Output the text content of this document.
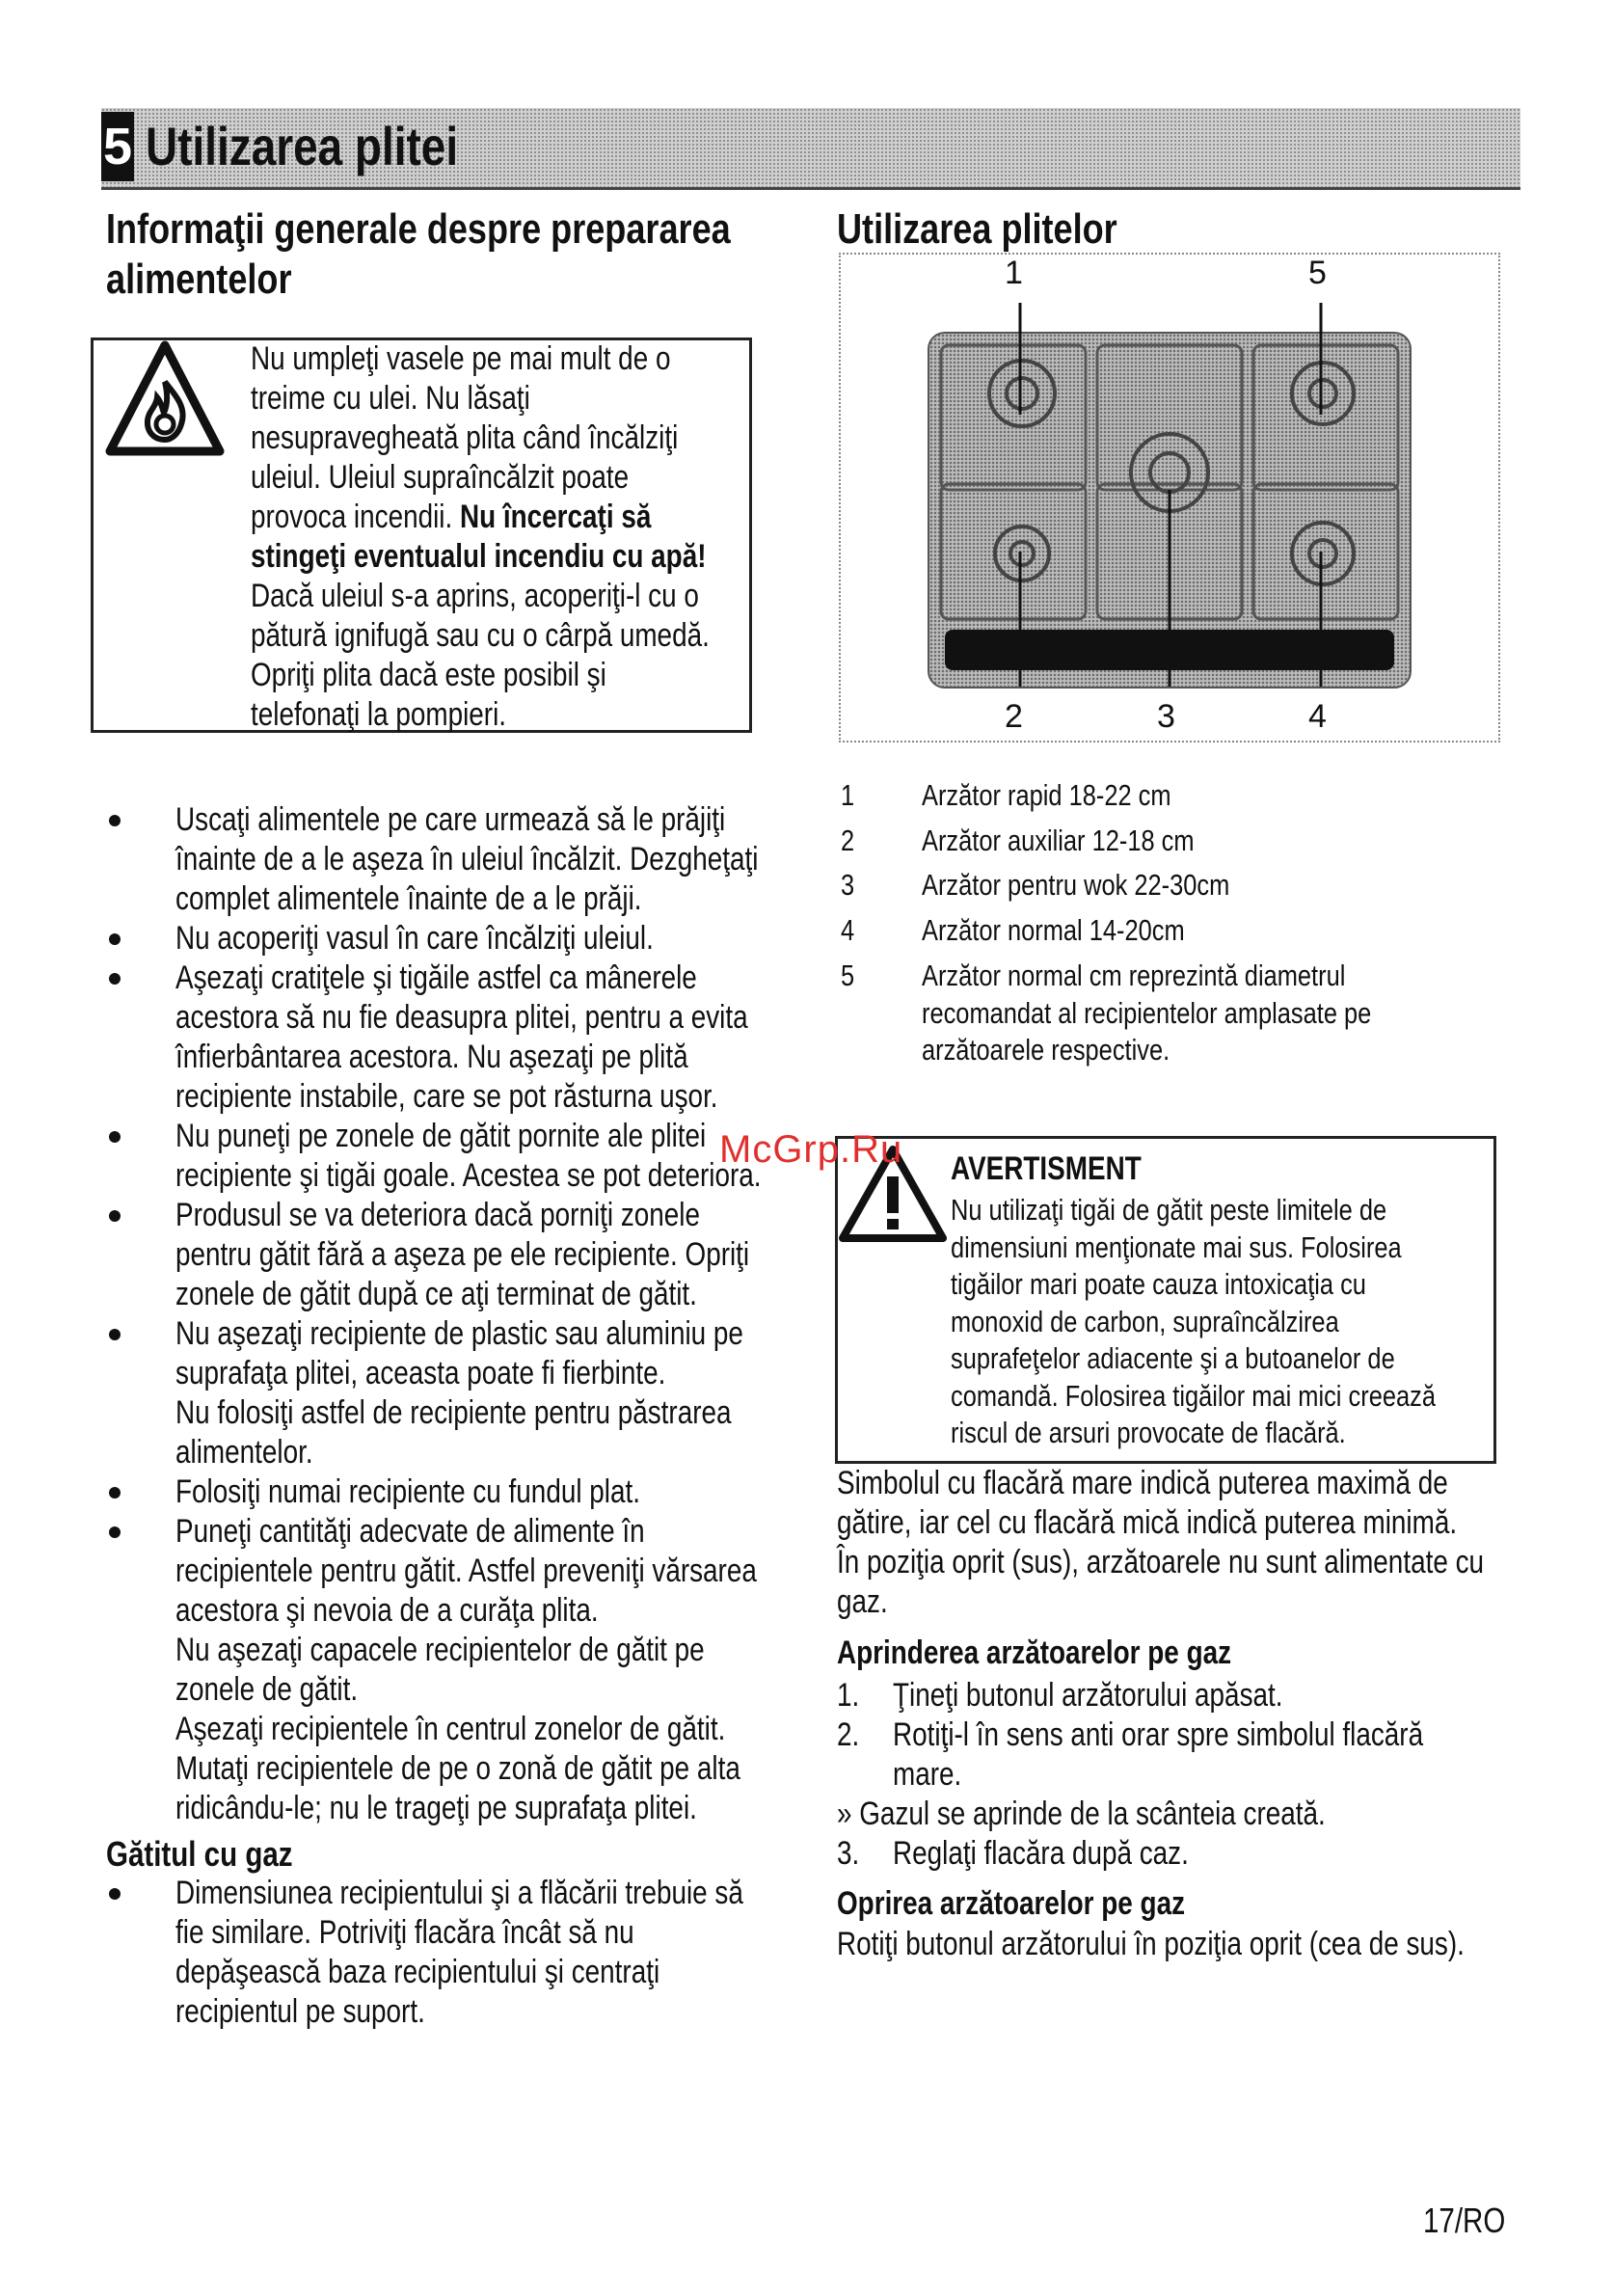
5 Utilizarea plitei
Informaţii generale despre prepararea
alimentelor
Nu umpleţi vasele pe mai mult de o
treime cu ulei. Nu lăsaţi
nesupravegheată plita când încălziţi
uleiul. Uleiul supraîncălzit poate
provoca incendii. Nu încercaţi să
stingeţi eventualul incendiu cu apă!
Dacă uleiul s-a aprins, acoperiţi-l cu o
pătură ignifugă sau cu o cârpă umedă.
Opriţi plita dacă este posibil şi
telefonaţi la pompieri.
Uscaţi alimentele pe care urmează să le prăjiţi
înainte de a le aşeza în uleiul încălzit. Dezgheţaţi
complet alimentele înainte de a le prăji.
Nu acoperiţi vasul în care încălziţi uleiul.
Aşezaţi cratiţele şi tigăile astfel ca mânerele
acestora să nu fie deasupra plitei, pentru a evita
înfierbântarea acestora. Nu aşezaţi pe plită
recipiente instabile, care se pot răsturna uşor.
Nu puneţi pe zonele de gătit pornite ale plitei
recipiente şi tigăi goale. Acestea se pot deteriora.
Produsul se va deteriora dacă porniţi zonele
pentru gătit fără a aşeza pe ele recipiente. Opriţi
zonele de gătit după ce aţi terminat de gătit.
Nu aşezaţi recipiente de plastic sau aluminiu pe
suprafaţa plitei, aceasta poate fi fierbinte.
Nu folosiţi astfel de recipiente pentru păstrarea
alimentelor.
Folosiţi numai recipiente cu fundul plat.
Puneţi cantităţi adecvate de alimente în
recipientele pentru gătit. Astfel preveniţi vărsarea
acestora şi nevoia de a curăţa plita.
Nu aşezaţi capacele recipientelor de gătit pe
zonele de gătit.
Aşezaţi recipientele în centrul zonelor de gătit.
Mutaţi recipientele de pe o zonă de gătit pe alta
ridicându-le; nu le trageţi pe suprafaţa plitei.
Gătitul cu gaz
Dimensiunea recipientului şi a flăcării trebuie să
fie similare. Potriviţi flacăra încât să nu
depăşească baza recipientului şi centraţi
recipientul pe suport.
Utilizarea plitelor
1	5
2	3	4
1 Arzător rapid 18-22 cm
2 Arzător auxiliar 12-18 cm
3 Arzător pentru wok 22-30cm
4 Arzător normal 14-20cm
5 Arzător normal cm reprezintă diametrul
recomandat al recipientelor amplasate pe
arzătoarele respective.
McGrp.Ru AVERTISMENT
Nu utilizaţi tigăi de gătit peste limitele de
dimensiuni menţionate mai sus. Folosirea
tigăilor mari poate cauza intoxicaţia cu
monoxid de carbon, supraîncălzirea
suprafeţelor adiacente şi a butoanelor de
comandă. Folosirea tigăilor mai mici creează
riscul de arsuri provocate de flacără.
Simbolul cu flacără mare indică puterea maximă de
gătire, iar cel cu flacără mică indică puterea minimă.
În poziţia oprit (sus), arzătoarele nu sunt alimentate cu
gaz.
Aprinderea arzătoarelor pe gaz
1. Ţineţi butonul arzătorului apăsat.
2. Rotiţi-l în sens anti orar spre simbolul flacără
mare.
» Gazul se aprinde de la scânteia creată.
3. Reglaţi flacăra după caz.
Oprirea arzătoarelor pe gaz
Rotiţi butonul arzătorului în poziţia oprit (cea de sus).
17/RO
